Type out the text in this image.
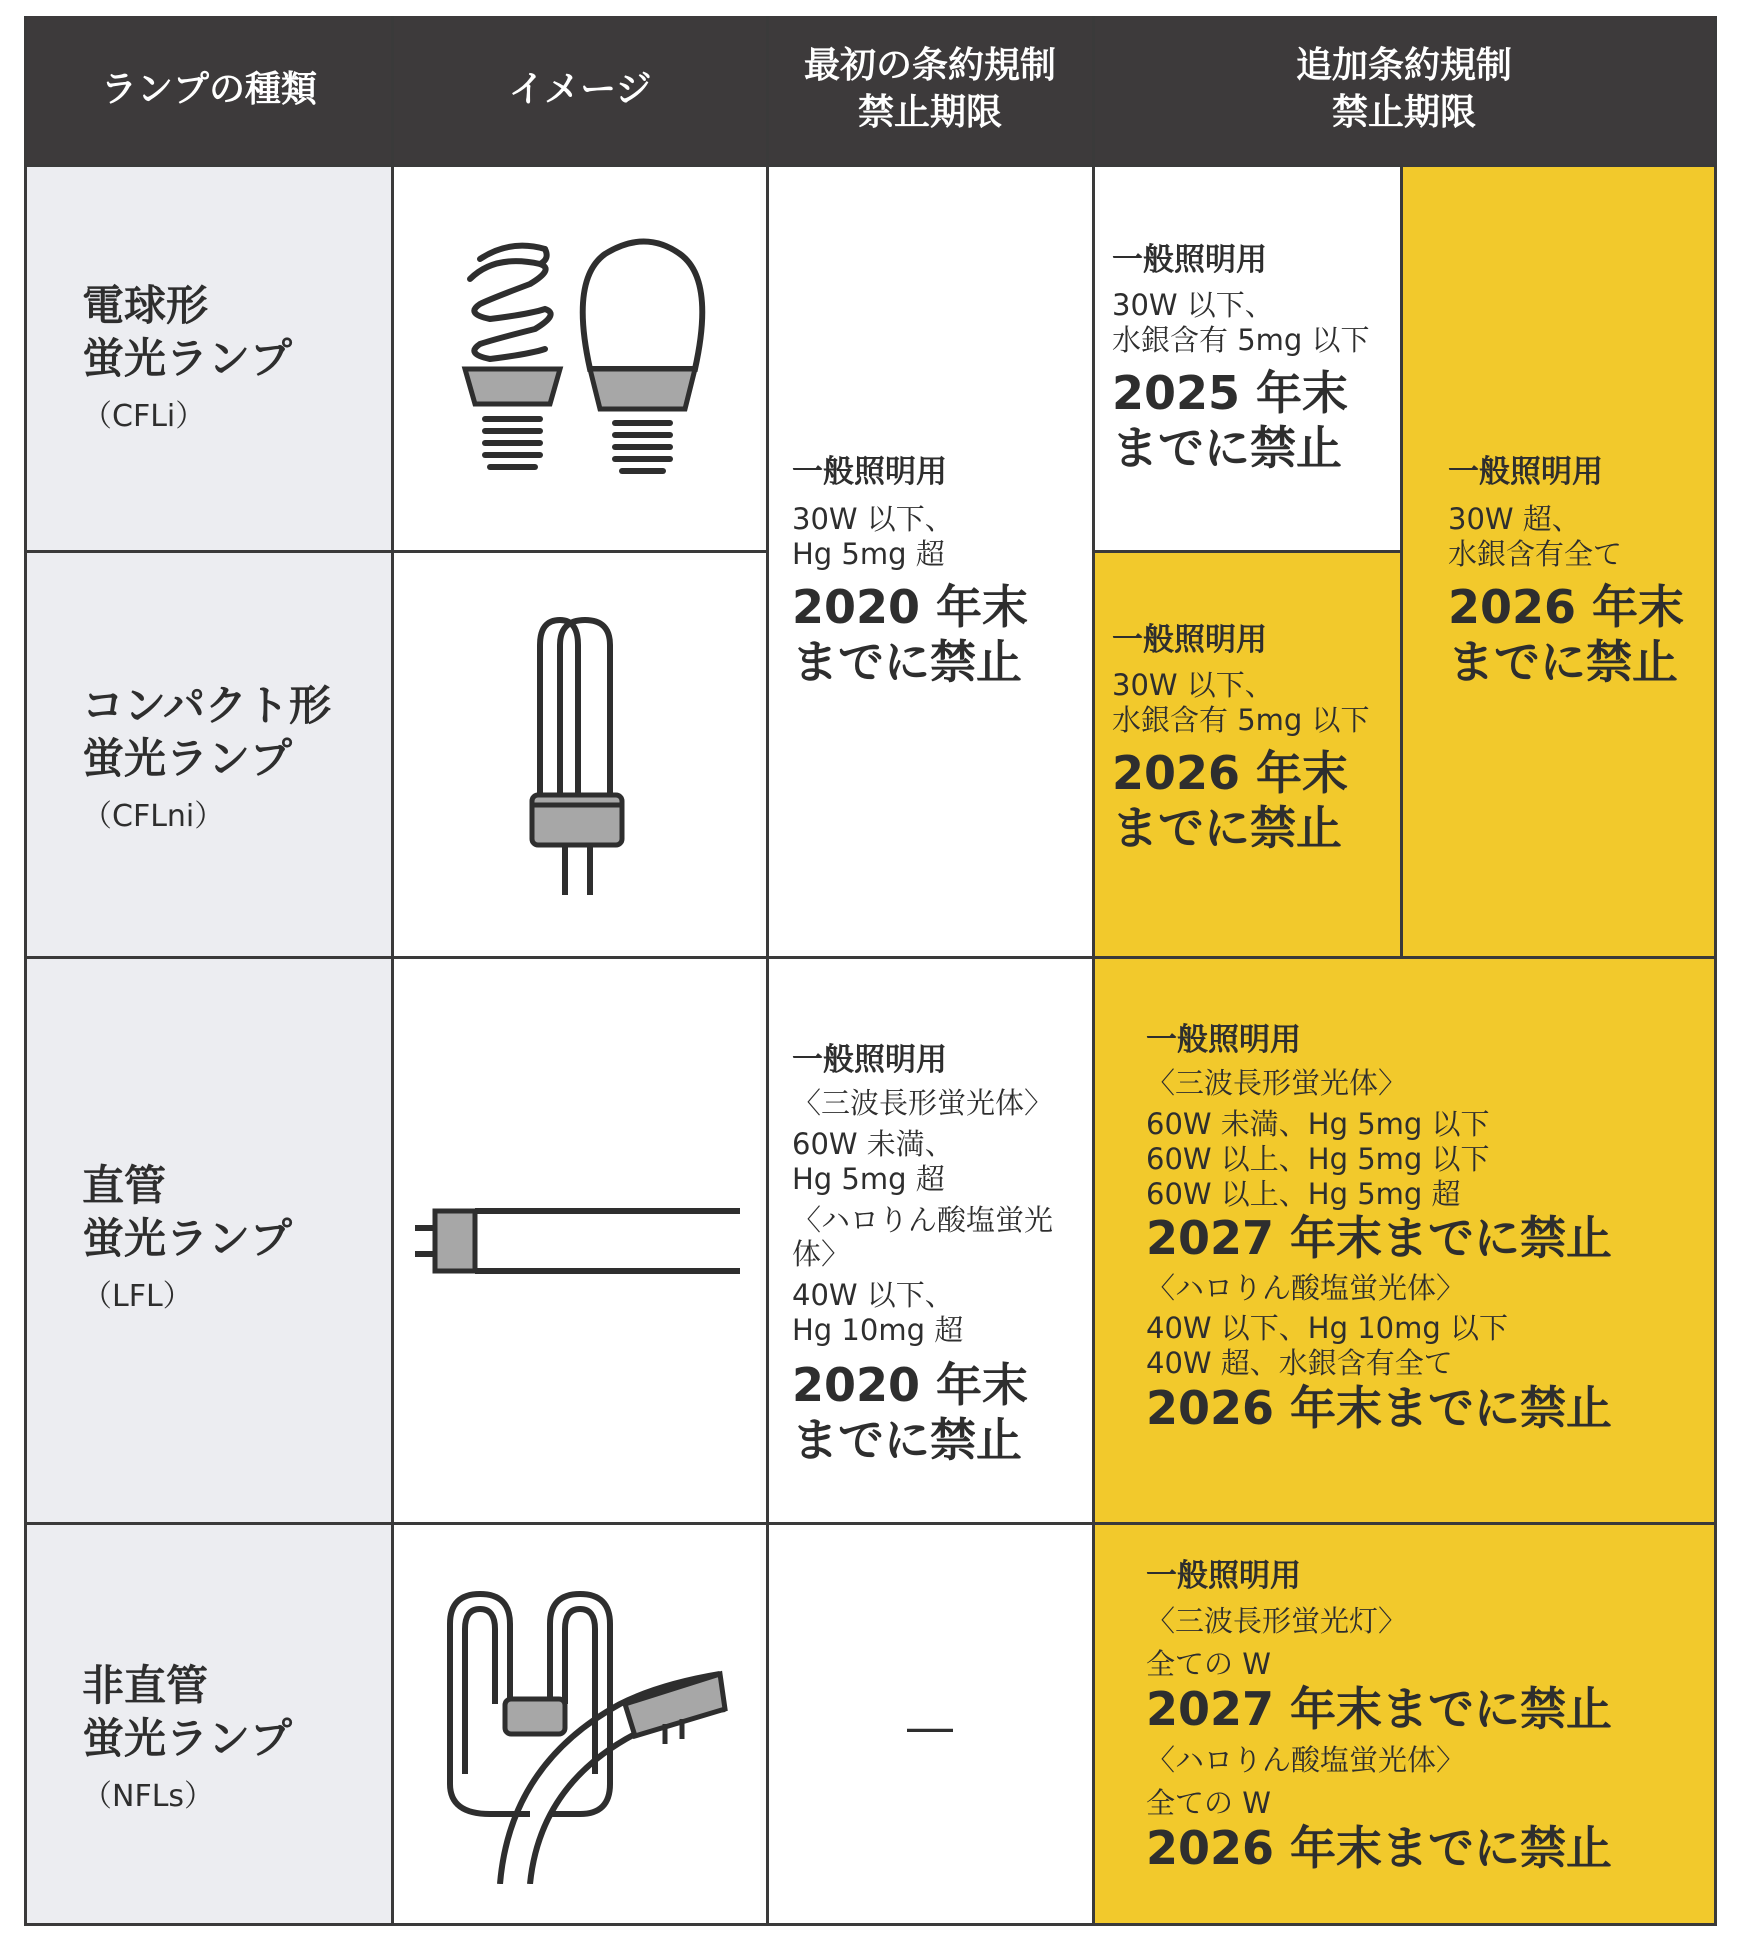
ランプの種類	イメージ
最初の条約規制
禁止期限
追加条約規制
禁止期限
電球形
蛍光ランプ
（CFLi）
コンパクト形
蛍光ランプ
（CFLni）
直管
蛍光ランプ
（LFL）
非直管
蛍光ランプ
（NFLs）
一般照明用
30W 以下、
Hg 5mg 超
2020 年末
までに禁止
一般照明用
〈三波長形蛍光体〉
60W 未満、
Hg 5mg 超
〈ハロりん酸塩蛍光体〉
40W 以下、
Hg 10mg 超
2020 年末
までに禁止
―
一般照明用
30W 以下、
水銀含有 5mg 以下
2025 年末
までに禁止
一般照明用
30W 以下、
水銀含有 5mg 以下
2026 年末
までに禁止
一般照明用
30W 超、
水銀含有全て
2026 年末
までに禁止
一般照明用
〈三波長形蛍光体〉
60W 未満、Hg 5mg 以下
60W 以上、Hg 5mg 以下
60W 以上、Hg 5mg 超
2027 年末までに禁止
〈ハロりん酸塩蛍光体〉
40W 以下、Hg 10mg 以下
40W 超、水銀含有全て
2026 年末までに禁止
一般照明用
〈三波長形蛍光灯〉
全ての W
2027 年末までに禁止
〈ハロりん酸塩蛍光体〉
全ての W
2026 年末までに禁止
